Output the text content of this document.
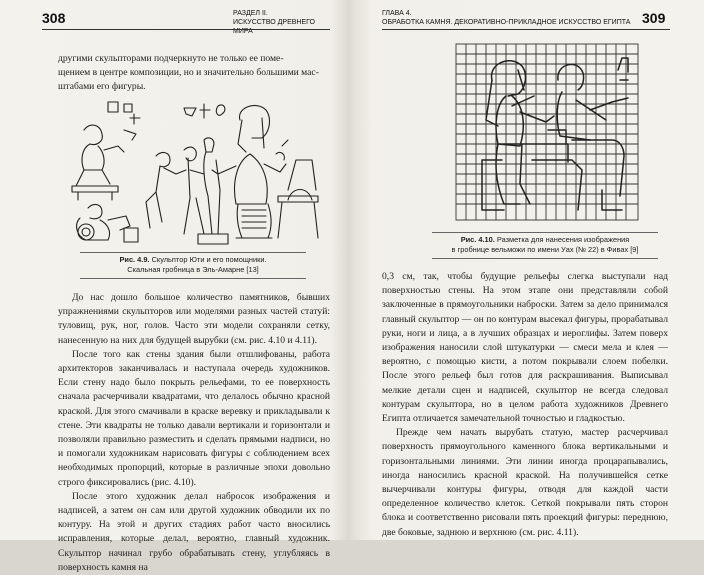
308	РАЗДЕЛ II.
ИСКУССТВО ДРЕВНЕГО МИРА
другими скульпторами подчеркнуто не только ее поме-
щением в центре композиции, но и значительно большими мас-
штабами его фигуры.
Рис. 4.9. Скульптор Юти и его помощники.
Скальная гробница в Эль-Амарне [13]

До нас дошло большое количество памятников, бывших упражнениями скульпторов или моделями разных частей статуй: туловищ, рук, ног, голов. Часто эти модели сохраняли сетку, нанесенную на них для будущей вырубки (см. рис. 4.10 и 4.11).

После того как стены здания были отшлифованы, работа архитекторов заканчивалась и наступала очередь художников. Если стену надо было покрыть рельефами, то ее поверхность сначала расчерчивали квадратами, что делалось обычно красной краской. Для этого смачивали в краске веревку и прикладывали к стене. Эти квадраты не только давали вертикали и горизонтали и позволяли правильно разместить и сделать прямыми надписи, но и помогали художникам нарисовать фигуры с соблюдением всех необходимых пропорций, которые в различные эпохи довольно строго фиксировались (рис. 4.10).

После этого художник делал набросок изображения и надписей, а затем он сам или другой художник обводили их по контуру. На этой и других стадиях работ часто вносились исправления, которые делал, вероятно, главный художник. Скульптор начинал грубо обрабатывать стену, углубляясь в поверхность камня на

ГЛАВА 4.
ОБРАБОТКА КАМНЯ. ДЕКОРАТИВНО-ПРИКЛАДНОЕ ИСКУССТВО ЕГИПТА 309
Рис. 4.10. Разметка для нанесения изображения
в гробнице вельможи по имени Уах (№ 22) в Фивах [9]

0,3 см, так, чтобы будущие рельефы слегка выступали над поверхностью стены. На этом этапе они представляли собой заключенные в прямоугольники наброски. Затем за дело принимался главный скульптор — он по контурам высекал фигуры, прорабатывал руки, ноги и лица, а в лучших образцах и иероглифы. Затем поверх изображения наносили слой штукатурки — смеси мела и клея — вероятно, с помощью кисти, а потом покрывали слоем побелки. После этого рельеф был готов для раскрашивания. Выписывал мелкие детали сцен и надписей, скульптор не всегда следовал контурам скульптора, но в целом работа художников Древнего Египта отличается замечательной точностью и гладкостью.

Прежде чем начать вырубать статую, мастер расчерчивал поверхность прямоугольного каменного блока вертикальными и горизонтальными линиями. Эти линии иногда процарапывались, иногда наносились красной краской. На получившейся сетке вычерчивали контуры фигуры, отводя для каждой части определенное количество клеток. Сеткой покрывали пять сторон блока и соответственно рисовали пять проекций фигуры: переднюю, две боковые, заднюю и верхнюю (см. рис. 4.11).
